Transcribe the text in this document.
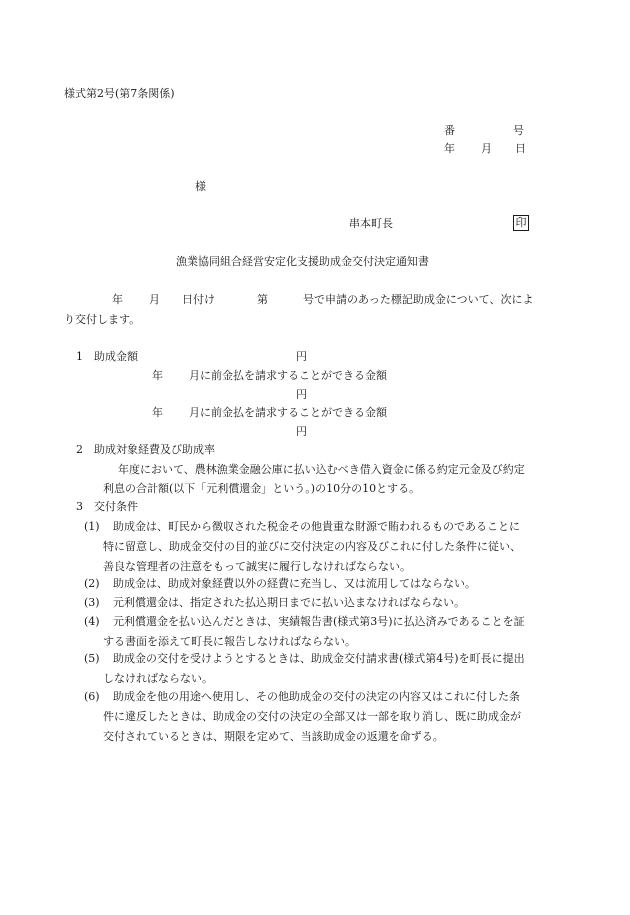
様式第2号(第7条関係)
番	号
年 月 日
様
串本町長	印
漁業協同組合経営安定化支援助成金交付決定通知書
年 月 日付け	第	号で申請のあった標記助成金について、次によ
り交付します。
1　助成金額	円
年 月に前金払を請求することができる金額
円
年 月に前金払を請求することができる金額
円
2　助成対象経費及び助成率
年度において、農林漁業金融公庫に払い込むべき借入資金に係る約定元金及び約定
利息の合計額(以下「元利償還金」という。)の10分の10とする。
3　交付条件
(1)	助成金は、町民から徴収された税金その他貴重な財源で賄われるものであることに
特に留意し、助成金交付の目的並びに交付決定の内容及びこれに付した条件に従い、
善良な管理者の注意をもって誠実に履行しなければならない。
(2)	助成金は、助成対象経費以外の経費に充当し、又は流用してはならない。
(3)	元利償還金は、指定された払込期日までに払い込まなければならない。
(4)	元利償還金を払い込んだときは、実績報告書(様式第3号)に払込済みであることを証
する書面を添えて町長に報告しなければならない。
(5)	助成金の交付を受けようとするときは、助成金交付請求書(様式第4号)を町長に提出
しなければならない。
(6)	助成金を他の用途へ使用し、その他助成金の交付の決定の内容又はこれに付した条
件に違反したときは、助成金の交付の決定の全部又は一部を取り消し、既に助成金が
交付されているときは、期限を定めて、当該助成金の返還を命ずる。
